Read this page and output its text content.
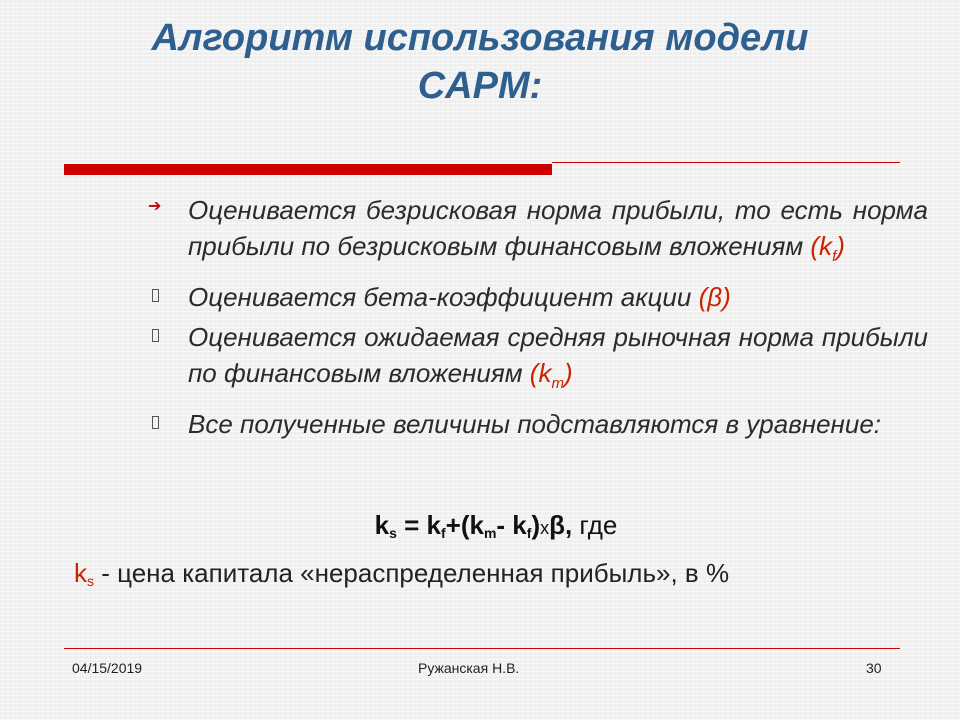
Алгоритм использования модели
CAPM:
➔	Оценивается безрисковая норма прибыли, то есть норма прибыли по безрисковым финансовым вложениям $(k_f)$
Оценивается бета-коэффициент акции (β)
Оценивается ожидаемая средняя рыночная норма прибыли по финансовым вложениям $(k_m)$
Все полученные величины подставляются в уравнение:
$k_s = k_f+(k_m-$ $k_f)x\beta$, где
$k_s$ - цена капитала «нераспределенная прибыль», в %
04/15/2019	Ружанская Н.В.	30
